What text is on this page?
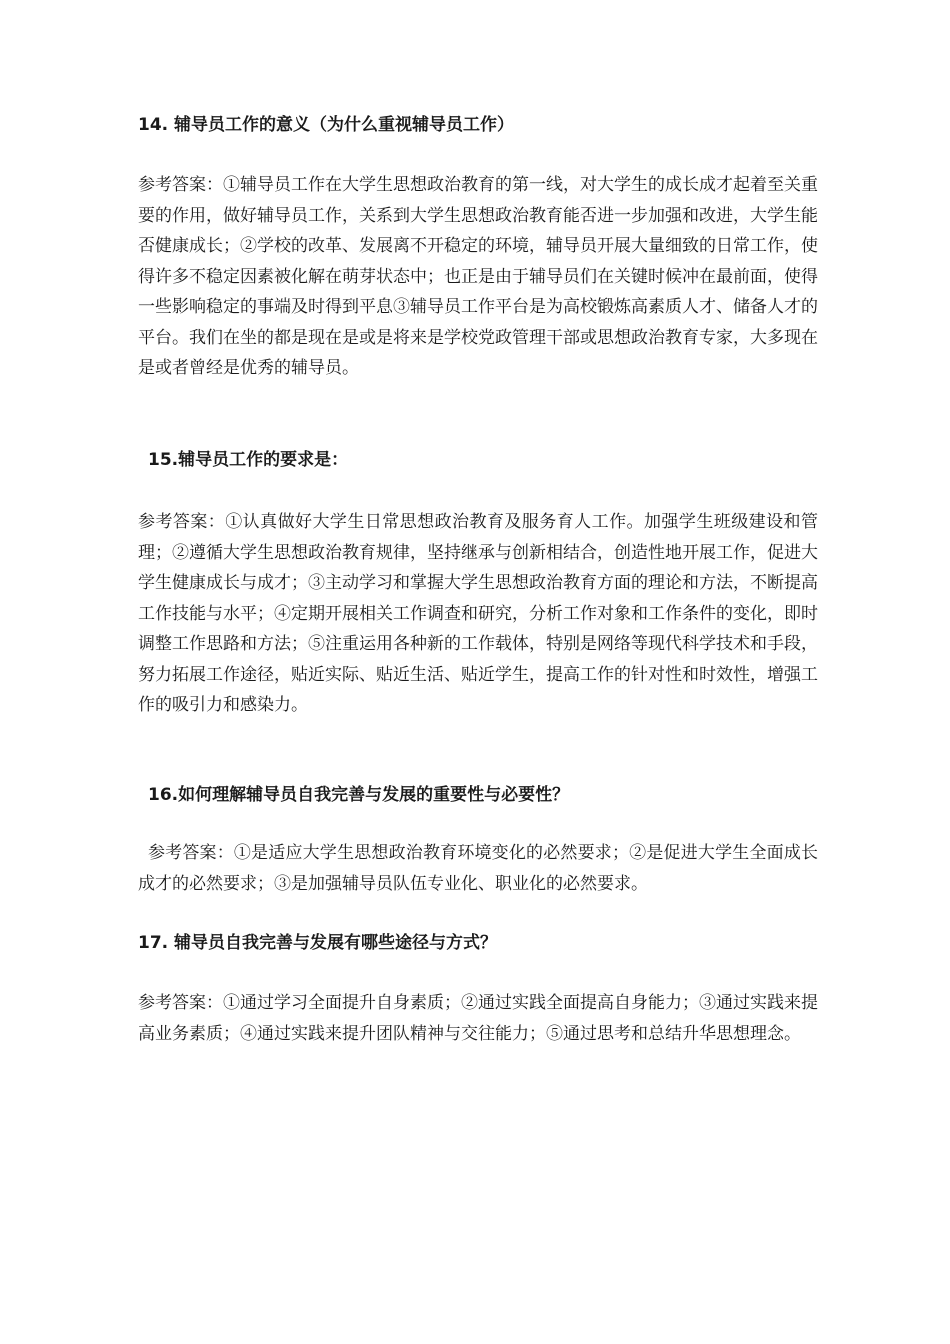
14. 辅导员工作的意义（为什么重视辅导员工作）

参考答案：①辅导员工作在大学生思想政治教育的第一线，对大学生的成长成才起着至关重要的作用，做好辅导员工作，关系到大学生思想政治教育能否进一步加强和改进，大学生能否健康成长；②学校的改革、发展离不开稳定的环境，辅导员开展大量细致的日常工作，使得许多不稳定因素被化解在萌芽状态中；也正是由于辅导员们在关键时候冲在最前面，使得一些影响稳定的事端及时得到平息③辅导员工作平台是为高校锻炼高素质人才、储备人才的平台。我们在坐的都是现在是或是将来是学校党政管理干部或思想政治教育专家，大多现在是或者曾经是优秀的辅导员。

15.辅导员工作的要求是：

参考答案：①认真做好大学生日常思想政治教育及服务育人工作。加强学生班级建设和管理；②遵循大学生思想政治教育规律，坚持继承与创新相结合，创造性地开展工作，促进大学生健康成长与成才；③主动学习和掌握大学生思想政治教育方面的理论和方法，不断提高工作技能与水平；④定期开展相关工作调查和研究，分析工作对象和工作条件的变化，即时调整工作思路和方法；⑤注重运用各种新的工作载体，特别是网络等现代科学技术和手段，努力拓展工作途径，贴近实际、贴近生活、贴近学生，提高工作的针对性和时效性，增强工作的吸引力和感染力。

16.如何理解辅导员自我完善与发展的重要性与必要性？

参考答案：①是适应大学生思想政治教育环境变化的必然要求；②是促进大学生全面成长成才的必然要求；③是加强辅导员队伍专业化、职业化的必然要求。

17. 辅导员自我完善与发展有哪些途径与方式？

参考答案：①通过学习全面提升自身素质；②通过实践全面提高自身能力；③通过实践来提高业务素质；④通过实践来提升团队精神与交往能力；⑤通过思考和总结升华思想理念。
